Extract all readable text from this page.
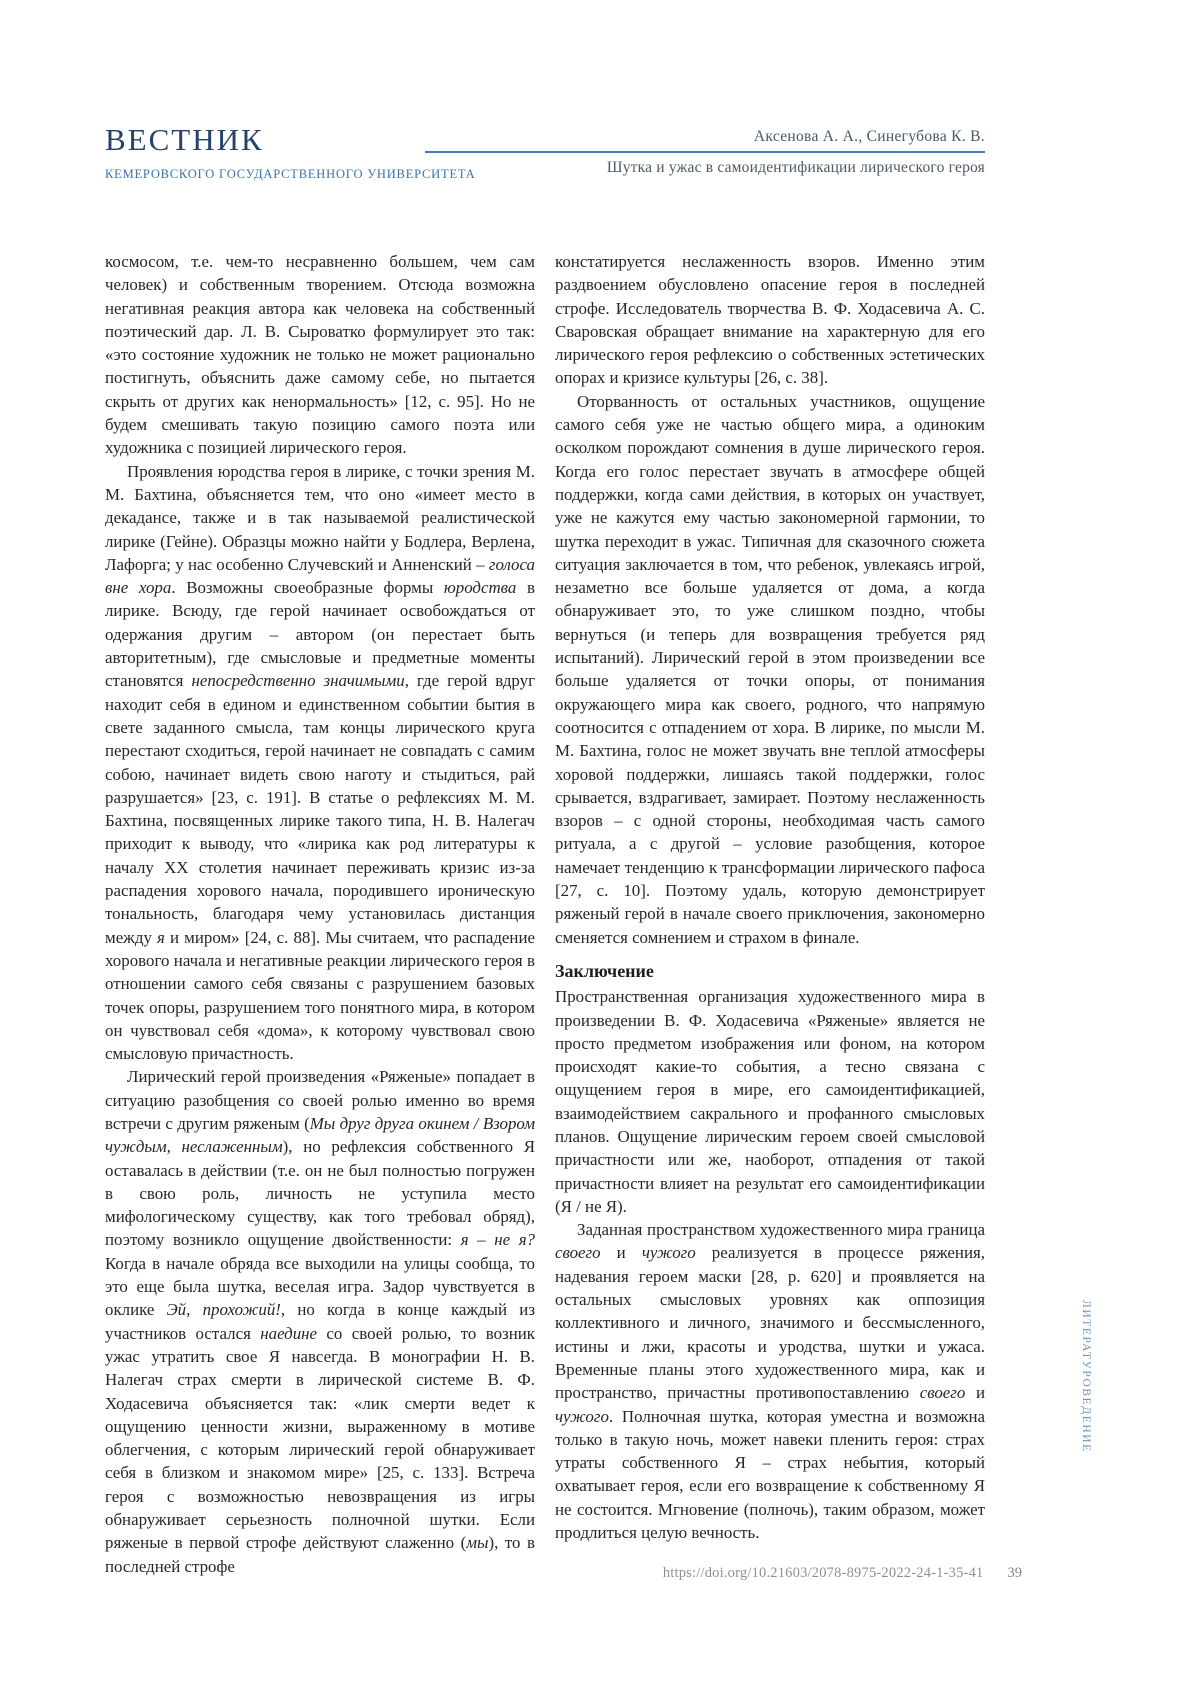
ВЕСТНИК
КЕМЕРОВСКОГО ГОСУДАРСТВЕННОГО УНИВЕРСИТЕТА
Аксенова А. А., Синегубова К. В.
Шутка и ужас в самоидентификации лирического героя
космосом, т.е. чем-то несравненно большем, чем сам человек) и собственным творением. Отсюда возможна негативная реакция автора как человека на собственный поэтический дар. Л. В. Сыроватко формулирует это так: «это состояние художник не только не может рационально постигнуть, объяснить даже самому себе, но пытается скрыть от других как ненормальность» [12, с. 95]. Но не будем смешивать такую позицию самого поэта или художника с позицией лирического героя.
Проявления юродства героя в лирике, с точки зрения М. М. Бахтина, объясняется тем, что оно «имеет место в декадансе, также и в так называемой реалистической лирике (Гейне). Образцы можно найти у Бодлера, Верлена, Лафорга; у нас особенно Случевский и Анненский – голоса вне хора. Возможны своеобразные формы юродства в лирике. Всюду, где герой начинает освобождаться от одержания другим – автором (он перестает быть авторитетным), где смысловые и предметные моменты становятся непосредственно значимыми, где герой вдруг находит себя в едином и единственном событии бытия в свете заданного смысла, там концы лирического круга перестают сходиться, герой начинает не совпадать с самим собою, начинает видеть свою наготу и стыдиться, рай разрушается» [23, с. 191]. В статье о рефлексиях М. М. Бахтина, посвященных лирике такого типа, Н. В. Налегач приходит к выводу, что «лирика как род литературы к началу XX столетия начинает переживать кризис из-за распадения хорового начала, породившего ироническую тональность, благодаря чему установилась дистанция между я и миром» [24, с. 88]. Мы считаем, что распадение хорового начала и негативные реакции лирического героя в отношении самого себя связаны с разрушением базовых точек опоры, разрушением того понятного мира, в котором он чувствовал себя «дома», к которому чувствовал свою смысловую причастность.
Лирический герой произведения «Ряженые» попадает в ситуацию разобщения со своей ролью именно во время встречи с другим ряженым (Мы друг друга окинем / Взором чуждым, неслаженным), но рефлексия собственного Я оставалась в действии (т.е. он не был полностью погружен в свою роль, личность не уступила место мифологическому существу, как того требовал обряд), поэтому возникло ощущение двойственности: я – не я? Когда в начале обряда все выходили на улицы сообща, то это еще была шутка, веселая игра. Задор чувствуется в оклике Эй, прохожий!, но когда в конце каждый из участников остался наедине со своей ролью, то возник ужас утратить свое Я навсегда. В монографии Н. В. Налегач страх смерти в лирической системе В. Ф. Ходасевича объясняется так: «лик смерти ведет к ощущению ценности жизни, выраженному в мотиве облегчения, с которым лирический герой обнаруживает себя в близком и знакомом мире» [25, с. 133]. Встреча героя с возможностью невозвращения из игры обнаруживает серьезность полночной шутки. Если ряженые в первой строфе действуют слаженно (мы), то в последней строфе
констатируется неслаженность взоров. Именно этим раздвоением обусловлено опасение героя в последней строфе. Исследователь творчества В. Ф. Ходасевича А. С. Сваровская обращает внимание на характерную для его лирического героя рефлексию о собственных эстетических опорах и кризисе культуры [26, с. 38].
Оторванность от остальных участников, ощущение самого себя уже не частью общего мира, а одиноким осколком порождают сомнения в душе лирического героя. Когда его голос перестает звучать в атмосфере общей поддержки, когда сами действия, в которых он участвует, уже не кажутся ему частью закономерной гармонии, то шутка переходит в ужас. Типичная для сказочного сюжета ситуация заключается в том, что ребенок, увлекаясь игрой, незаметно все больше удаляется от дома, а когда обнаруживает это, то уже слишком поздно, чтобы вернуться (и теперь для возвращения требуется ряд испытаний). Лирический герой в этом произведении все больше удаляется от точки опоры, от понимания окружающего мира как своего, родного, что напрямую соотносится с отпадением от хора. В лирике, по мысли М. М. Бахтина, голос не может звучать вне теплой атмосферы хоровой поддержки, лишаясь такой поддержки, голос срывается, вздрагивает, замирает. Поэтому неслаженность взоров – с одной стороны, необходимая часть самого ритуала, а с другой – условие разобщения, которое намечает тенденцию к трансформации лирического пафоса [27, с. 10]. Поэтому удаль, которую демонстрирует ряженый герой в начале своего приключения, закономерно сменяется сомнением и страхом в финале.
Заключение
Пространственная организация художественного мира в произведении В. Ф. Ходасевича «Ряженые» является не просто предметом изображения или фоном, на котором происходят какие-то события, а тесно связана с ощущением героя в мире, его самоидентификацией, взаимодействием сакрального и профанного смысловых планов. Ощущение лирическим героем своей смысловой причастности или же, наоборот, отпадения от такой причастности влияет на результат его самоидентификации (Я / не Я).
Заданная пространством художественного мира граница своего и чужого реализуется в процессе ряжения, надевания героем маски [28, p. 620] и проявляется на остальных смысловых уровнях как оппозиция коллективного и личного, значимого и бессмысленного, истины и лжи, красоты и уродства, шутки и ужаса. Временные планы этого художественного мира, как и пространство, причастны противопоставлению своего и чужого. Полночная шутка, которая уместна и возможна только в такую ночь, может навеки пленить героя: страх утраты собственного Я – страх небытия, который охватывает героя, если его возвращение к собственному Я не состоится. Мгновение (полночь), таким образом, может продлиться целую вечность.
ЛИТЕРАТУРОВЕДЕНИЕ
https://doi.org/10.21603/2078-8975-2022-24-1-35-41 39
